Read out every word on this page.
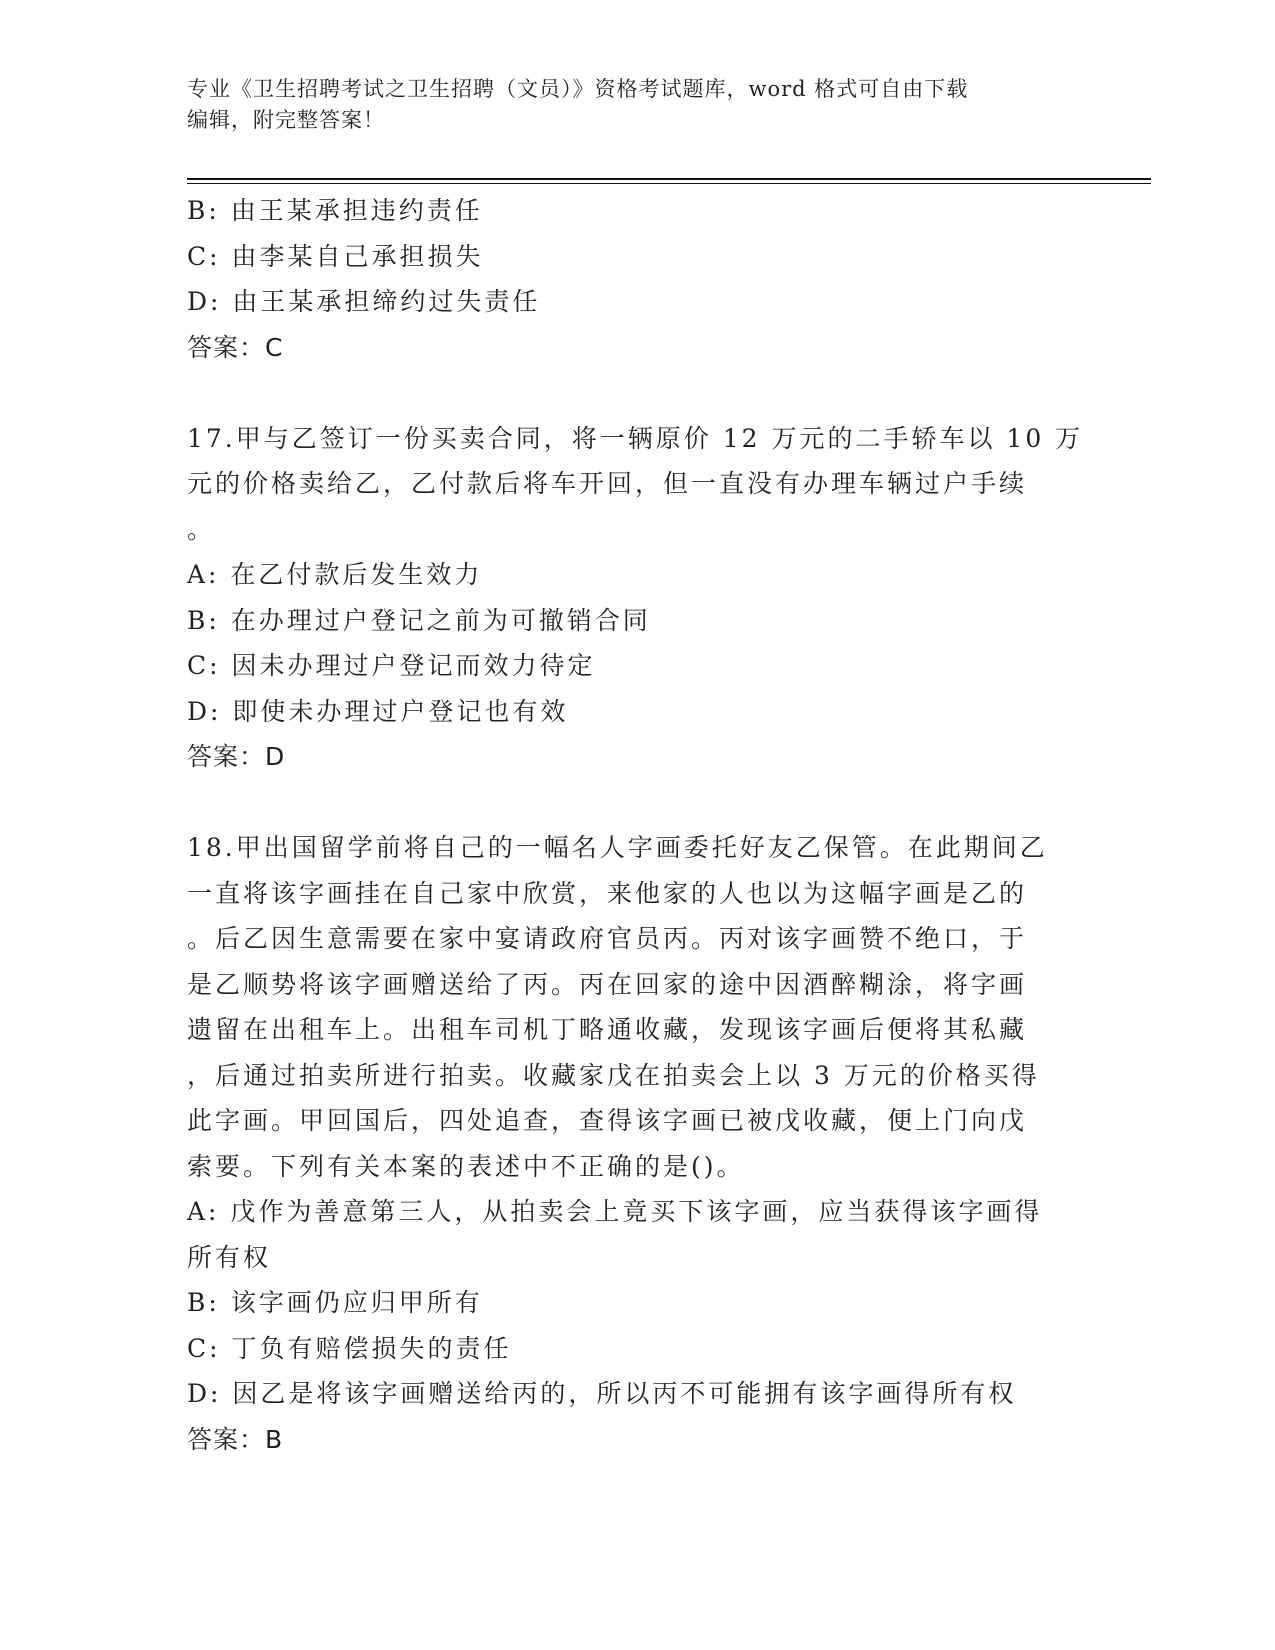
专业《卫生招聘考试之卫生招聘（文员）》资格考试题库，word 格式可自由下载
编辑，附完整答案！
B: 由王某承担违约责任
C: 由李某自己承担损失
D: 由王某承担缔约过失责任
答案：C
17.甲与乙签订一份买卖合同，将一辆原价 12 万元的二手轿车以 10 万
元的价格卖给乙，乙付款后将车开回，但一直没有办理车辆过户手续
。
A: 在乙付款后发生效力
B: 在办理过户登记之前为可撤销合同
C: 因未办理过户登记而效力待定
D: 即使未办理过户登记也有效
答案：D
18.甲出国留学前将自己的一幅名人字画委托好友乙保管。在此期间乙
一直将该字画挂在自己家中欣赏，来他家的人也以为这幅字画是乙的
。后乙因生意需要在家中宴请政府官员丙。丙对该字画赞不绝口，于
是乙顺势将该字画赠送给了丙。丙在回家的途中因酒醉糊涂，将字画
遗留在出租车上。出租车司机丁略通收藏，发现该字画后便将其私藏
，后通过拍卖所进行拍卖。收藏家戊在拍卖会上以 3 万元的价格买得
此字画。甲回国后，四处追查，查得该字画已被戊收藏，便上门向戊
索要。下列有关本案的表述中不正确的是()。
A: 戊作为善意第三人，从拍卖会上竟买下该字画，应当获得该字画得
所有权
B: 该字画仍应归甲所有
C: 丁负有赔偿损失的责任
D: 因乙是将该字画赠送给丙的，所以丙不可能拥有该字画得所有权
答案：B
